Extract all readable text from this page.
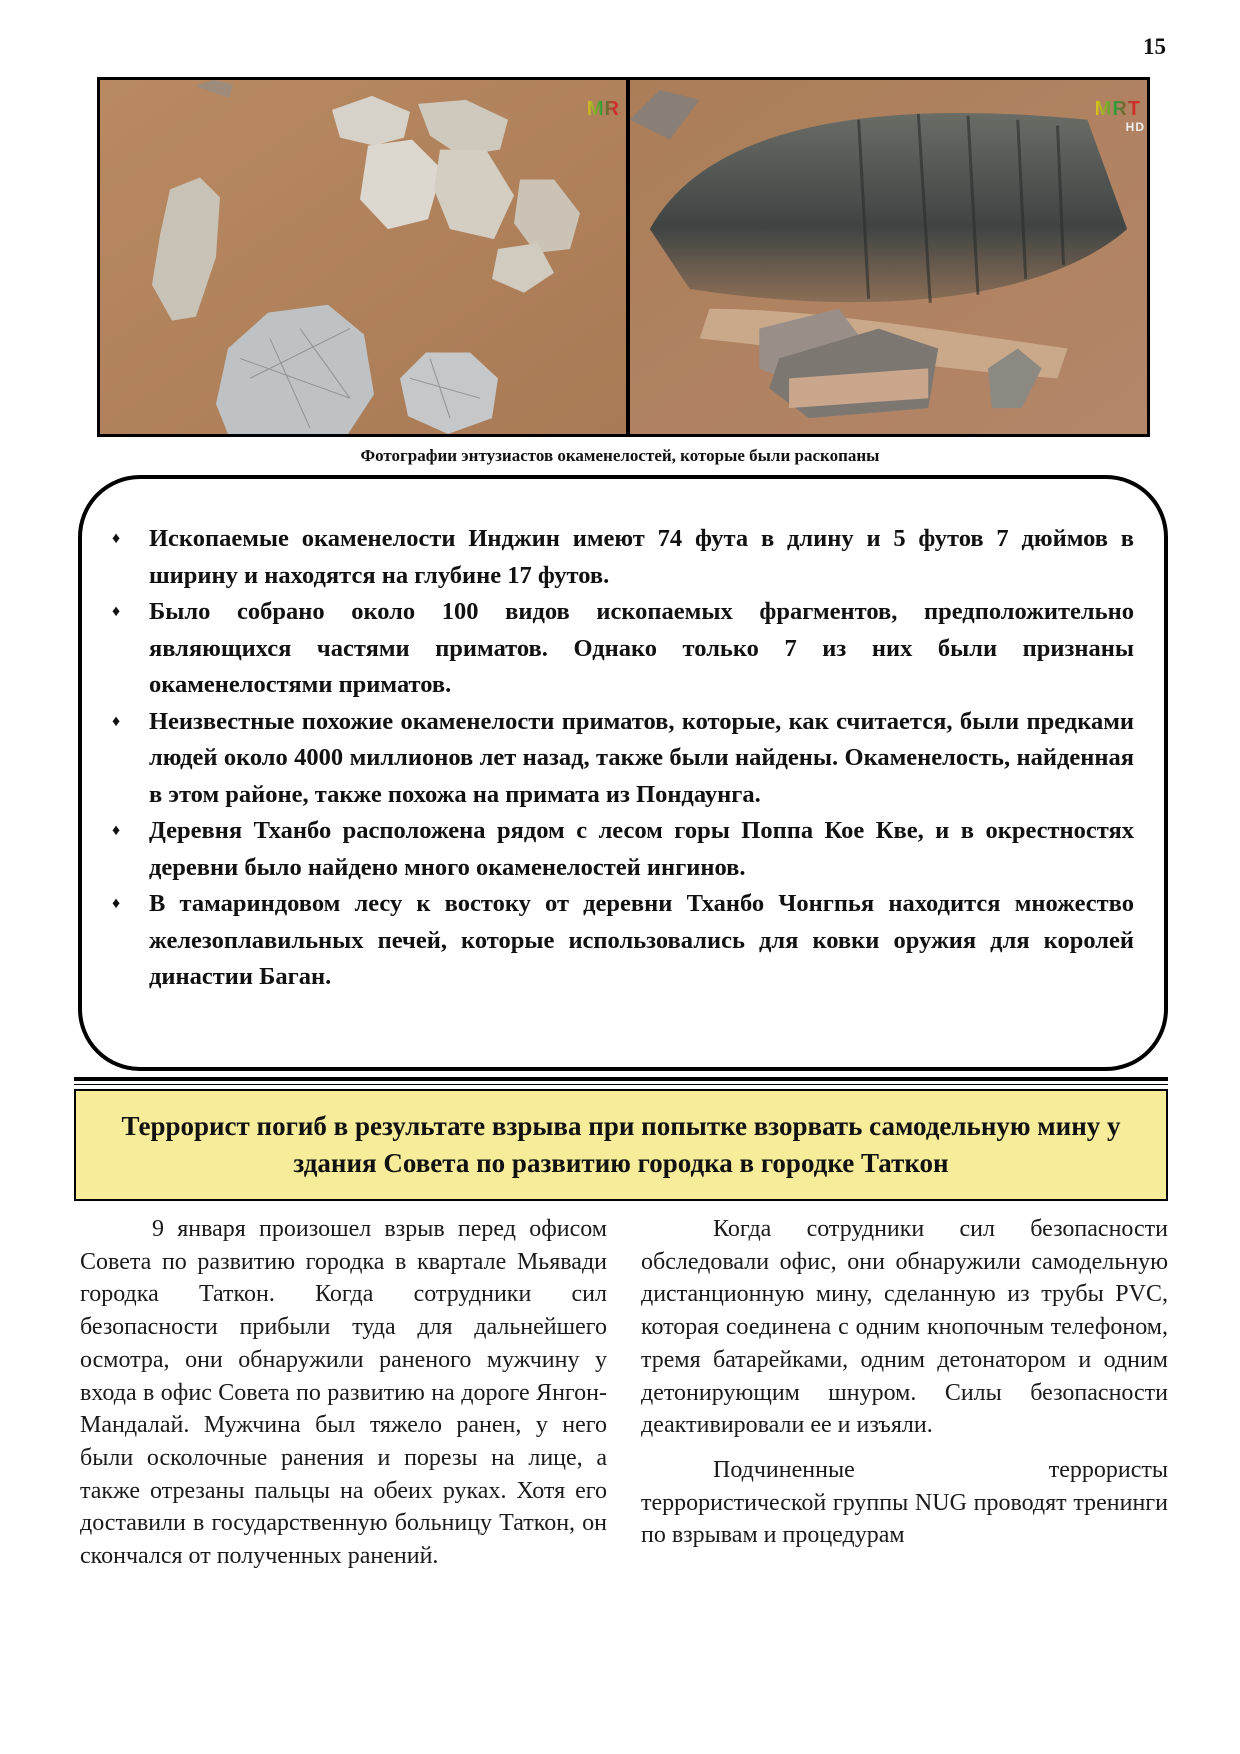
15
MR	MRT
HD
Фотографии энтузиастов окаменелостей, которые были раскопаны
♦ Ископаемые окаменелости Инджин имеют 74 фута в длину и 5 футов 7 дюймов в ширину и находятся на глубине 17 футов.
♦ Было собрано около 100 видов ископаемых фрагментов, предположительно являющихся частями приматов. Однако только 7 из них были признаны окаменелостями приматов.
♦ Неизвестные похожие окаменелости приматов, которые, как считается, были предками людей около 4000 миллионов лет назад, также были найдены. Окаменелость, найденная в этом районе, также похожа на примата из Пондаунга.
♦ Деревня Тханбо расположена рядом с лесом горы Поппа Кое Кве, и в окрестностях деревни было найдено много окаменелостей ингинов.
♦ В тамариндовом лесу к востоку от деревни Тханбо Чонгпья находится множество железоплавильных печей, которые использовались для ковки оружия для королей династии Баган.
Террорист погиб в результате взрыва при попытке взорвать самодельную мину у здания Совета по развитию городка в городке Таткон

9 января произошел взрыв перед офисом Совета по развитию городка в квартале Мьявади городка Таткон. Когда сотрудники сил безопасности прибыли туда для дальнейшего осмотра, они обнаружили раненого мужчину у входа в офис Совета по развитию на дороге Янгон-Мандалай. Мужчина был тяжело ранен, у него были осколочные ранения и порезы на лице, а также отрезаны пальцы на обеих руках. Хотя его доставили в государственную больницу Таткон, он скончался от полученных ранений.

Когда сотрудники сил безопасности обследовали офис, они обнаружили самодельную дистанционную мину, сделанную из трубы PVC, которая соединена с одним кнопочным телефоном, тремя батарейками, одним детонатором и одним детонирующим шнуром. Силы безопасности деактивировали ее и изъяли.

Подчиненные террористы террористической группы NUG проводят тренинги по взрывам и процедурам
